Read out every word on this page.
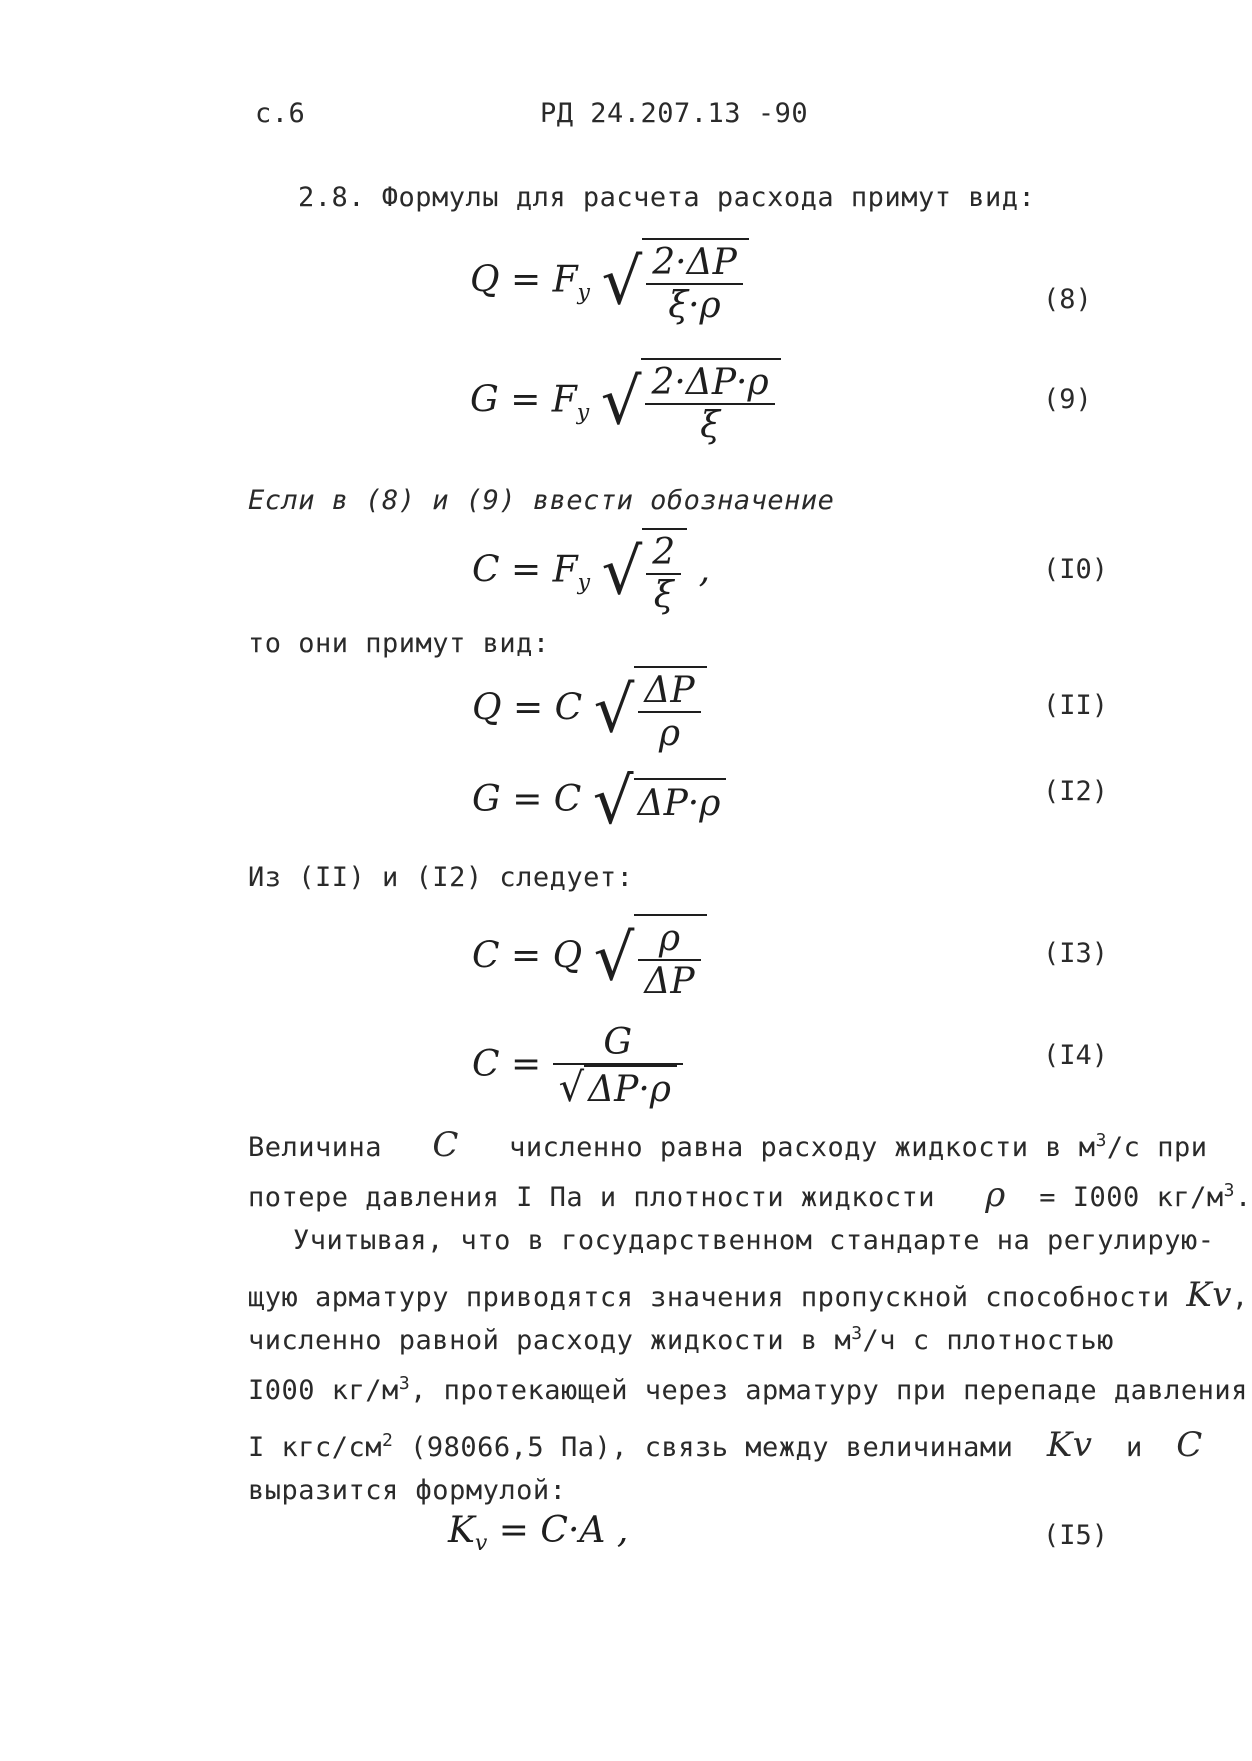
с.6	РД 24.207.13 -90
2.8. Формулы для расчета расхода примут вид:
$Q = F_y$ √ $\frac{2\cdot\Delta P}{\xi\cdot\rho}$	(8)
$G = F_y$ √ $\frac{2\cdot\Delta P\cdot\rho}{\xi}$	(9)
Если в (8) и (9) ввести обозначение
$C = F_y$ √ $\frac{2}{\xi}$ ,	(I0)
то они примут вид:
Q = C √ $\frac{\Delta P}{\rho}$	(II)
G = C √ ΔP·ρ	(I2)
Из (II) и (I2) следует:
C = Q √ $\frac{\rho}{\Delta P}$	(I3)
$C = \frac{G}{√ \Delta P\cdot\rho}$	(I4)
Величина C численно равна расходу жидкости в $м^3/с$ при
потере давления I Па и плотности жидкости ρ = I000 $кг/м^3$.
Учитывая, что в государственном стандарте на регулирую-
щую арматуру приводятся значения пропускной способности Kv,
численно равной расходу жидкости в $м^3/ч$ с плотностью
I000 $кг/м^3$, протекающей через арматуру при перепаде давления
I кгс/$см^2$ (98066,5 Па), связь между величинами Kv и C
выразится формулой:
$K_v = C\cdot A$ ,	(I5)
